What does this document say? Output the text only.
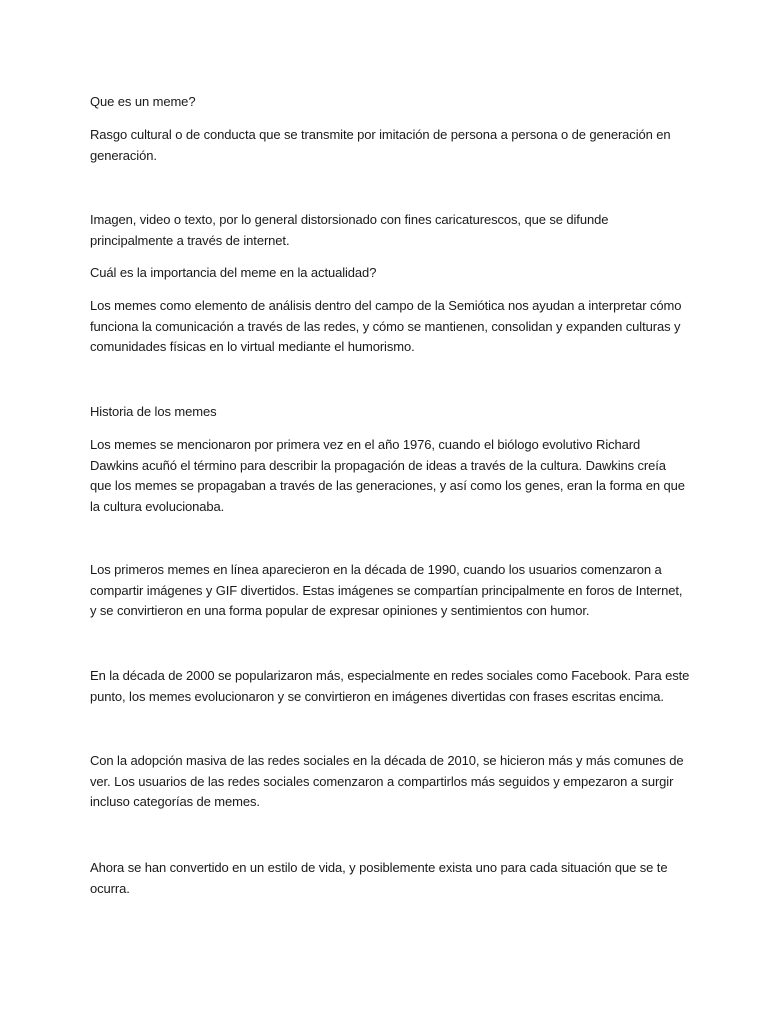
Que es un meme?

Rasgo cultural o de conducta que se transmite por imitación de persona a persona o de generación en generación.

Imagen, video o texto, por lo general distorsionado con fines caricaturescos, que se difunde principalmente a través de internet.

Cuál es la importancia del meme en la actualidad?

Los memes como elemento de análisis dentro del campo de la Semiótica nos ayudan a interpretar cómo funciona la comunicación a través de las redes, y cómo se mantienen, consolidan y expanden culturas y comunidades físicas en lo virtual mediante el humorismo.

Historia de los memes

Los memes se mencionaron por primera vez en el año 1976, cuando el biólogo evolutivo Richard Dawkins acuñó el término para describir la propagación de ideas a través de la cultura. Dawkins creía que los memes se propagaban a través de las generaciones, y así como los genes, eran la forma en que la cultura evolucionaba.

Los primeros memes en línea aparecieron en la década de 1990, cuando los usuarios comenzaron a compartir imágenes y GIF divertidos. Estas imágenes se compartían principalmente en foros de Internet, y se convirtieron en una forma popular de expresar opiniones y sentimientos con humor.

En la década de 2000 se popularizaron más, especialmente en redes sociales como Facebook. Para este punto, los memes evolucionaron y se convirtieron en imágenes divertidas con frases escritas encima.

Con la adopción masiva de las redes sociales en la década de 2010, se hicieron más y más comunes de ver. Los usuarios de las redes sociales comenzaron a compartirlos más seguidos y empezaron a surgir incluso categorías de memes.

Ahora se han convertido en un estilo de vida, y posiblemente exista uno para cada situación que se te ocurra.
